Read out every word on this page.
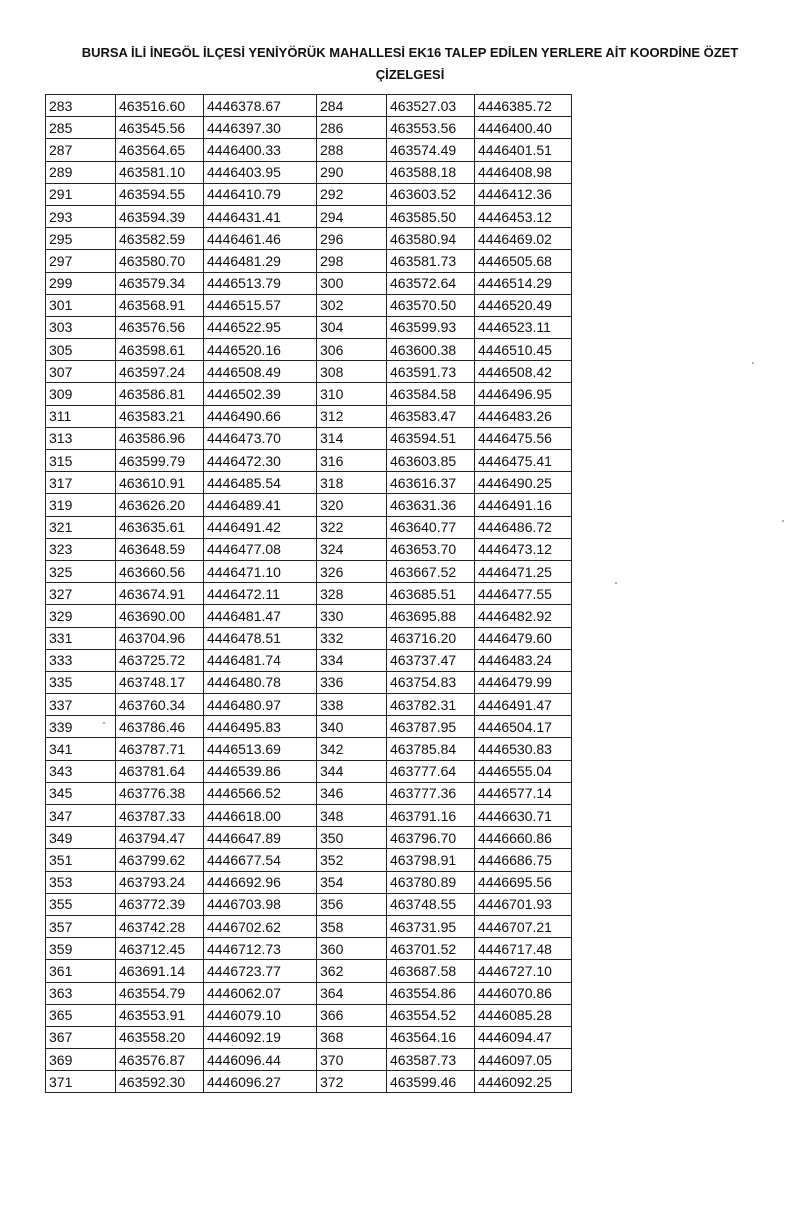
BURSA İLİ İNEGÖL İLÇESİ YENİYÖRÜK MAHALLESİ EK16 TALEP EDİLEN YERLERE AİT KOORDİNE ÖZET
ÇİZELGESİ
283	463516.60	4446378.67	284	463527.03	4446385.72
285	463545.56	4446397.30	286	463553.56	4446400.40
287	463564.65	4446400.33	288	463574.49	4446401.51
289	463581.10	4446403.95	290	463588.18	4446408.98
291	463594.55	4446410.79	292	463603.52	4446412.36
293	463594.39	4446431.41	294	463585.50	4446453.12
295	463582.59	4446461.46	296	463580.94	4446469.02
297	463580.70	4446481.29	298	463581.73	4446505.68
299	463579.34	4446513.79	300	463572.64	4446514.29
301	463568.91	4446515.57	302	463570.50	4446520.49
303	463576.56	4446522.95	304	463599.93	4446523.11
305	463598.61	4446520.16	306	463600.38	4446510.45
307	463597.24	4446508.49	308	463591.73	4446508.42
309	463586.81	4446502.39	310	463584.58	4446496.95
311	463583.21	4446490.66	312	463583.47	4446483.26
313	463586.96	4446473.70	314	463594.51	4446475.56
315	463599.79	4446472.30	316	463603.85	4446475.41
317	463610.91	4446485.54	318	463616.37	4446490.25
319	463626.20	4446489.41	320	463631.36	4446491.16
321	463635.61	4446491.42	322	463640.77	4446486.72
323	463648.59	4446477.08	324	463653.70	4446473.12
325	463660.56	4446471.10	326	463667.52	4446471.25
327	463674.91	4446472.11	328	463685.51	4446477.55
329	463690.00	4446481.47	330	463695.88	4446482.92
331	463704.96	4446478.51	332	463716.20	4446479.60
333	463725.72	4446481.74	334	463737.47	4446483.24
335	463748.17	4446480.78	336	463754.83	4446479.99
337	463760.34	4446480.97	338	463782.31	4446491.47
339	463786.46	4446495.83	340	463787.95	4446504.17
341	463787.71	4446513.69	342	463785.84	4446530.83
343	463781.64	4446539.86	344	463777.64	4446555.04
345	463776.38	4446566.52	346	463777.36	4446577.14
347	463787.33	4446618.00	348	463791.16	4446630.71
349	463794.47	4446647.89	350	463796.70	4446660.86
351	463799.62	4446677.54	352	463798.91	4446686.75
353	463793.24	4446692.96	354	463780.89	4446695.56
355	463772.39	4446703.98	356	463748.55	4446701.93
357	463742.28	4446702.62	358	463731.95	4446707.21
359	463712.45	4446712.73	360	463701.52	4446717.48
361	463691.14	4446723.77	362	463687.58	4446727.10
363	463554.79	4446062.07	364	463554.86	4446070.86
365	463553.91	4446079.10	366	463554.52	4446085.28
367	463558.20	4446092.19	368	463564.16	4446094.47
369	463576.87	4446096.44	370	463587.73	4446097.05
371	463592.30	4446096.27	372	463599.46	4446092.25
